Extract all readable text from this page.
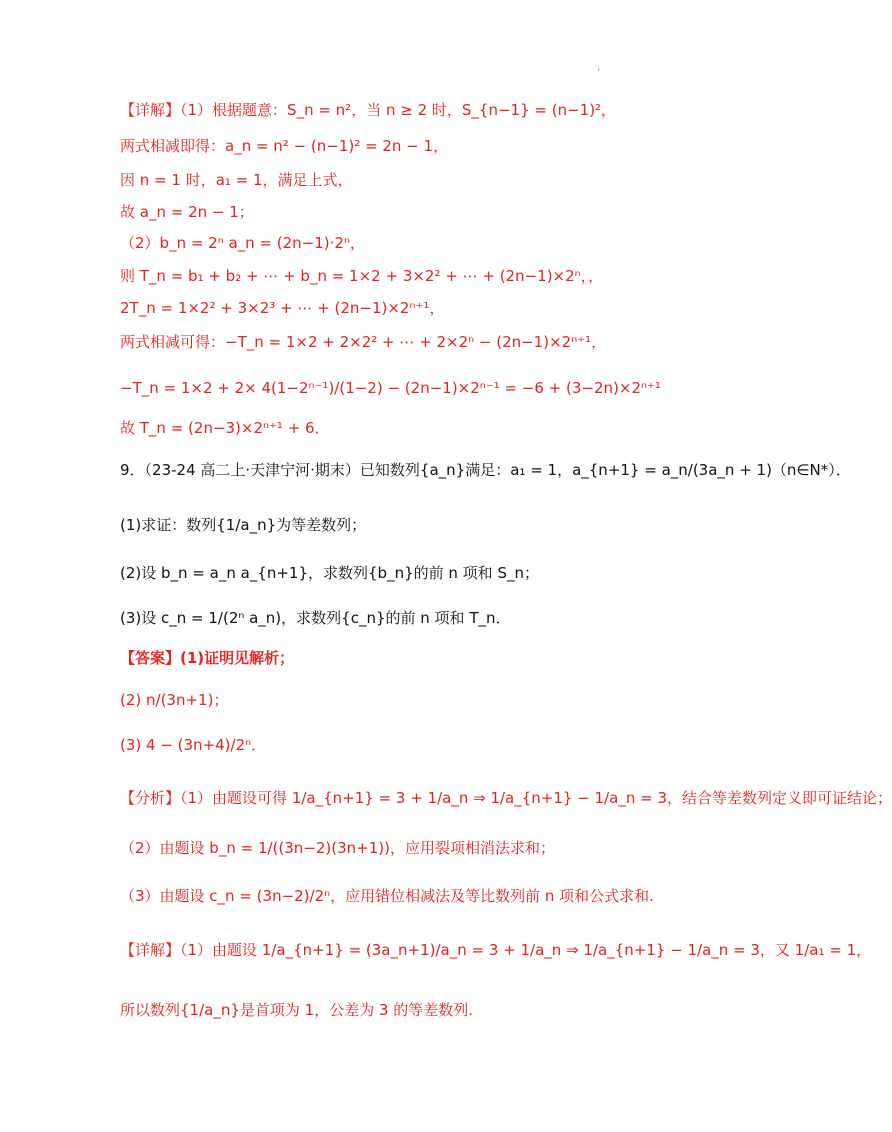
.
【详解】（1）根据题意：S_n = n²，当 n ≥ 2 时，S_{n−1} = (n−1)²，
两式相减即得：a_n = n² − (n−1)² = 2n − 1，
因 n = 1 时，a₁ = 1，满足上式，
故 a_n = 2n − 1；
（2）b_n = 2ⁿ a_n = (2n−1)·2ⁿ，
则 T_n = b₁ + b₂ + ⋯ + b_n = 1×2 + 3×2² + ⋯ + (2n−1)×2ⁿ，，
2T_n = 1×2² + 3×2³ + ⋯ + (2n−1)×2ⁿ⁺¹，
两式相减可得：−T_n = 1×2 + 2×2² + ⋯ + 2×2ⁿ − (2n−1)×2ⁿ⁺¹，
−T_n = 1×2 + 2× 4(1−2ⁿ⁻¹)/(1−2) − (2n−1)×2ⁿ⁻¹ = −6 + (3−2n)×2ⁿ⁺¹
故 T_n = (2n−3)×2ⁿ⁺¹ + 6．
9．（23-24 高二上·天津宁河·期末）已知数列{a_n}满足：a₁ = 1，a_{n+1} = a_n/(3a_n + 1)（n∈N*）．
(1)求证：数列{1/a_n}为等差数列；
(2)设 b_n = a_n a_{n+1}，求数列{b_n}的前 n 项和 S_n；
(3)设 c_n = 1/(2ⁿ a_n)，求数列{c_n}的前 n 项和 T_n．
【答案】(1)证明见解析；
(2) n/(3n+1)；
(3) 4 − (3n+4)/2ⁿ．
【分析】（1）由题设可得 1/a_{n+1} = 3 + 1/a_n ⇒ 1/a_{n+1} − 1/a_n = 3，结合等差数列定义即可证结论；
（2）由题设 b_n = 1/((3n−2)(3n+1))，应用裂项相消法求和；
（3）由题设 c_n = (3n−2)/2ⁿ，应用错位相减法及等比数列前 n 项和公式求和.
【详解】（1）由题设 1/a_{n+1} = (3a_n+1)/a_n = 3 + 1/a_n ⇒ 1/a_{n+1} − 1/a_n = 3，又 1/a₁ = 1，
所以数列{1/a_n}是首项为 1，公差为 3 的等差数列.
